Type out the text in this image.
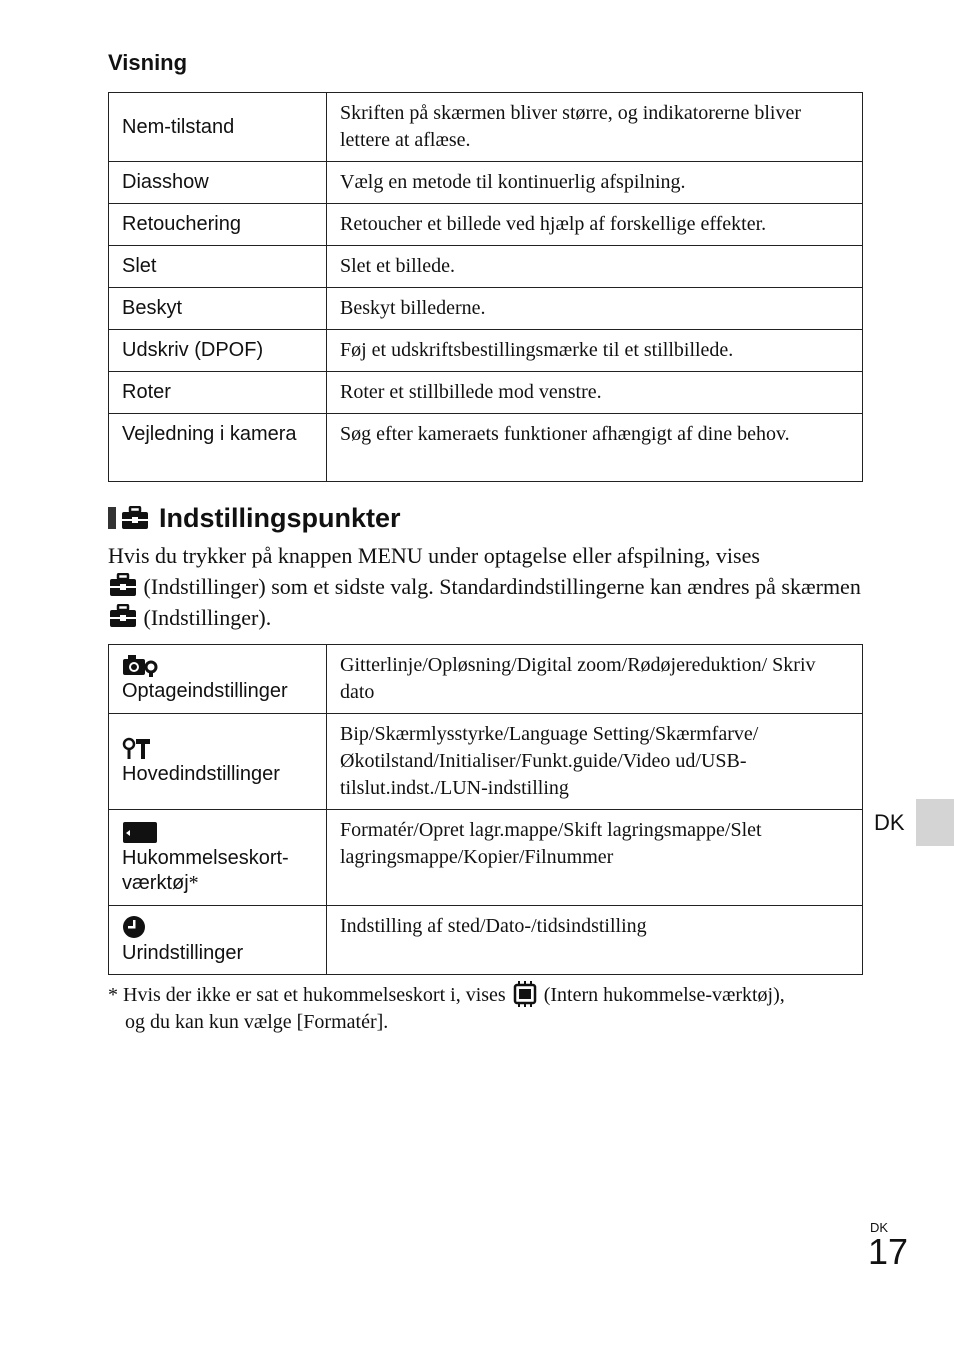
Visning
Nem-tilstand	Skriften på skærmen bliver større, og indikatorerne bliver lettere at aflæse.
Diasshow	Vælg en metode til kontinuerlig afspilning.
Retouchering	Retoucher et billede ved hjælp af forskellige effekter.
Slet	Slet et billede.
Beskyt	Beskyt billederne.
Udskriv (DPOF)	Føj et udskriftsbestillingsmærke til et stillbillede.
Roter	Roter et stillbillede mod venstre.
Vejledning i kamera	Søg efter kameraets funktioner afhængigt af dine behov.
Indstillingspunkter
Hvis du trykker på knappen MENU under optagelse eller afspilning, vises
(Indstillinger) som et sidste valg. Standardindstillingerne kan ændres på skærmen  (Indstillinger).
Optageindstillinger	Gitterlinje/Opløsning/Digital zoom/Rødøjereduktion/ Skriv dato

Hovedindstillinger	Bip/Skærmlysstyrke/Language Setting/Skærmfarve/ Økotilstand/Initialiser/Funkt.guide/Video ud/USB-tilslut.indst./LUN-indstilling

Hukommelseskort-værktøj*	Formatér/Opret lagr.mappe/Skift lagringsmappe/Slet lagringsmappe/Kopier/Filnummer

Urindstillinger	Indstilling af sted/Dato-/tidsindstilling
* Hvis der ikke er sat et hukommelseskort i, vises (Intern hukommelse-værktøj),
og du kan kun vælge [Formatér].
DK
DK
17
